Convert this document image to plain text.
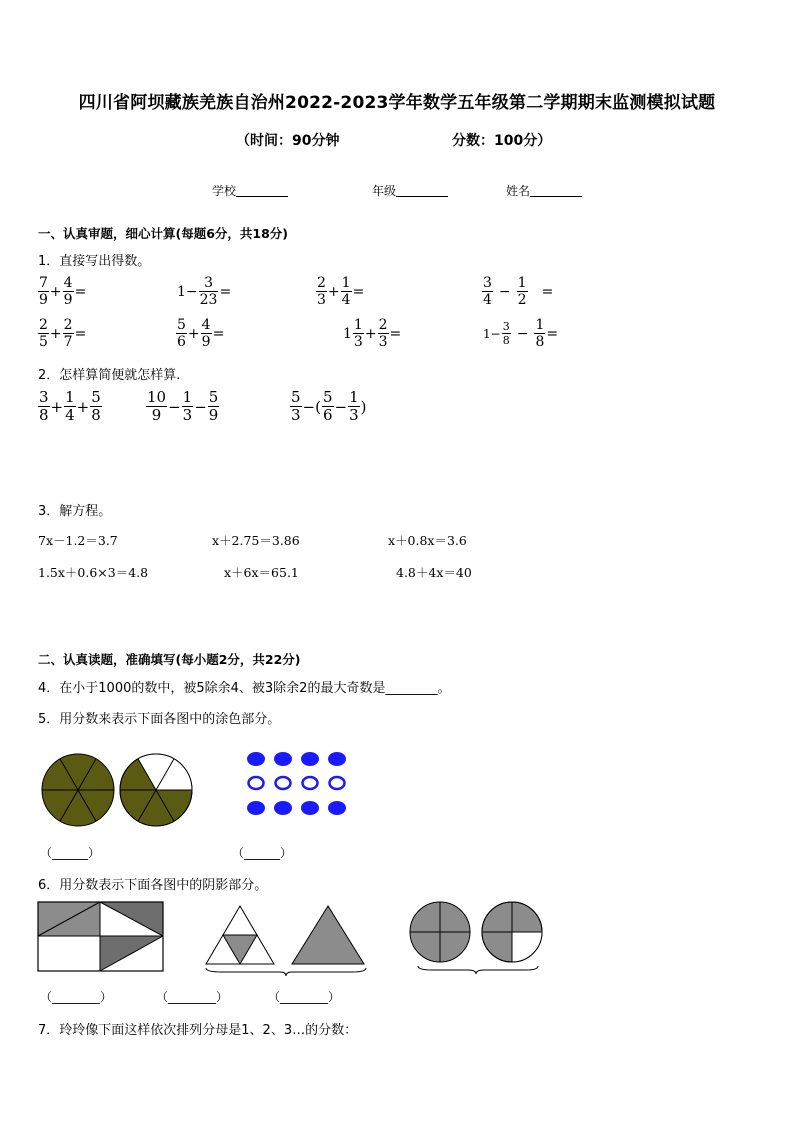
四川省阿坝藏族羌族自治州2022-2023学年数学五年级第二学期期末监测模拟试题
（时间：90分钟	分数：100分）
学校	年级	姓名
一、认真审题，细心计算(每题6分，共18分)
1．直接写出得数。
$\frac{7}{9} + \frac{4}{9}$ =	$1- \frac{3}{23}$ =	$\frac{2}{3} + \frac{1}{4}$ =	$\frac{3}{4} - \frac{1}{2}$ =
$\frac{2}{5} + \frac{2}{7}$ =	$\frac{5}{6} + \frac{4}{9}$ =	$1 \frac{1}{3} + \frac{2}{3}$ =	$1- \frac{3}{8} - \frac{1}{8}$ =
2．怎样算简便就怎样算.
$\frac{3}{8} + \frac{1}{4} + \frac{5}{8}$	$\frac{10}{9} - \frac{1}{3} - \frac{5}{9}$	$\frac{5}{3}$ −( $\frac{5}{6} - \frac{1}{3}$ )
3．解方程。
7x－1.2＝3.7	x＋2.75＝3.86	x＋0.8x＝3.6
1.5x＋0.6×3＝4.8	x＋6x＝65.1	4.8＋4x＝40
二、认真读题，准确填写(每小题2分，共22分)
4．在小于1000的数中，被5除余4、被3除余2的最大奇数是________。
5．用分数来表示下面各图中的涂色部分。
（______）	（______）
6．用分数表示下面各图中的阴影部分。
（________）	（________）	（________）
7．玲玲像下面这样依次排列分母是1、2、3…的分数：
